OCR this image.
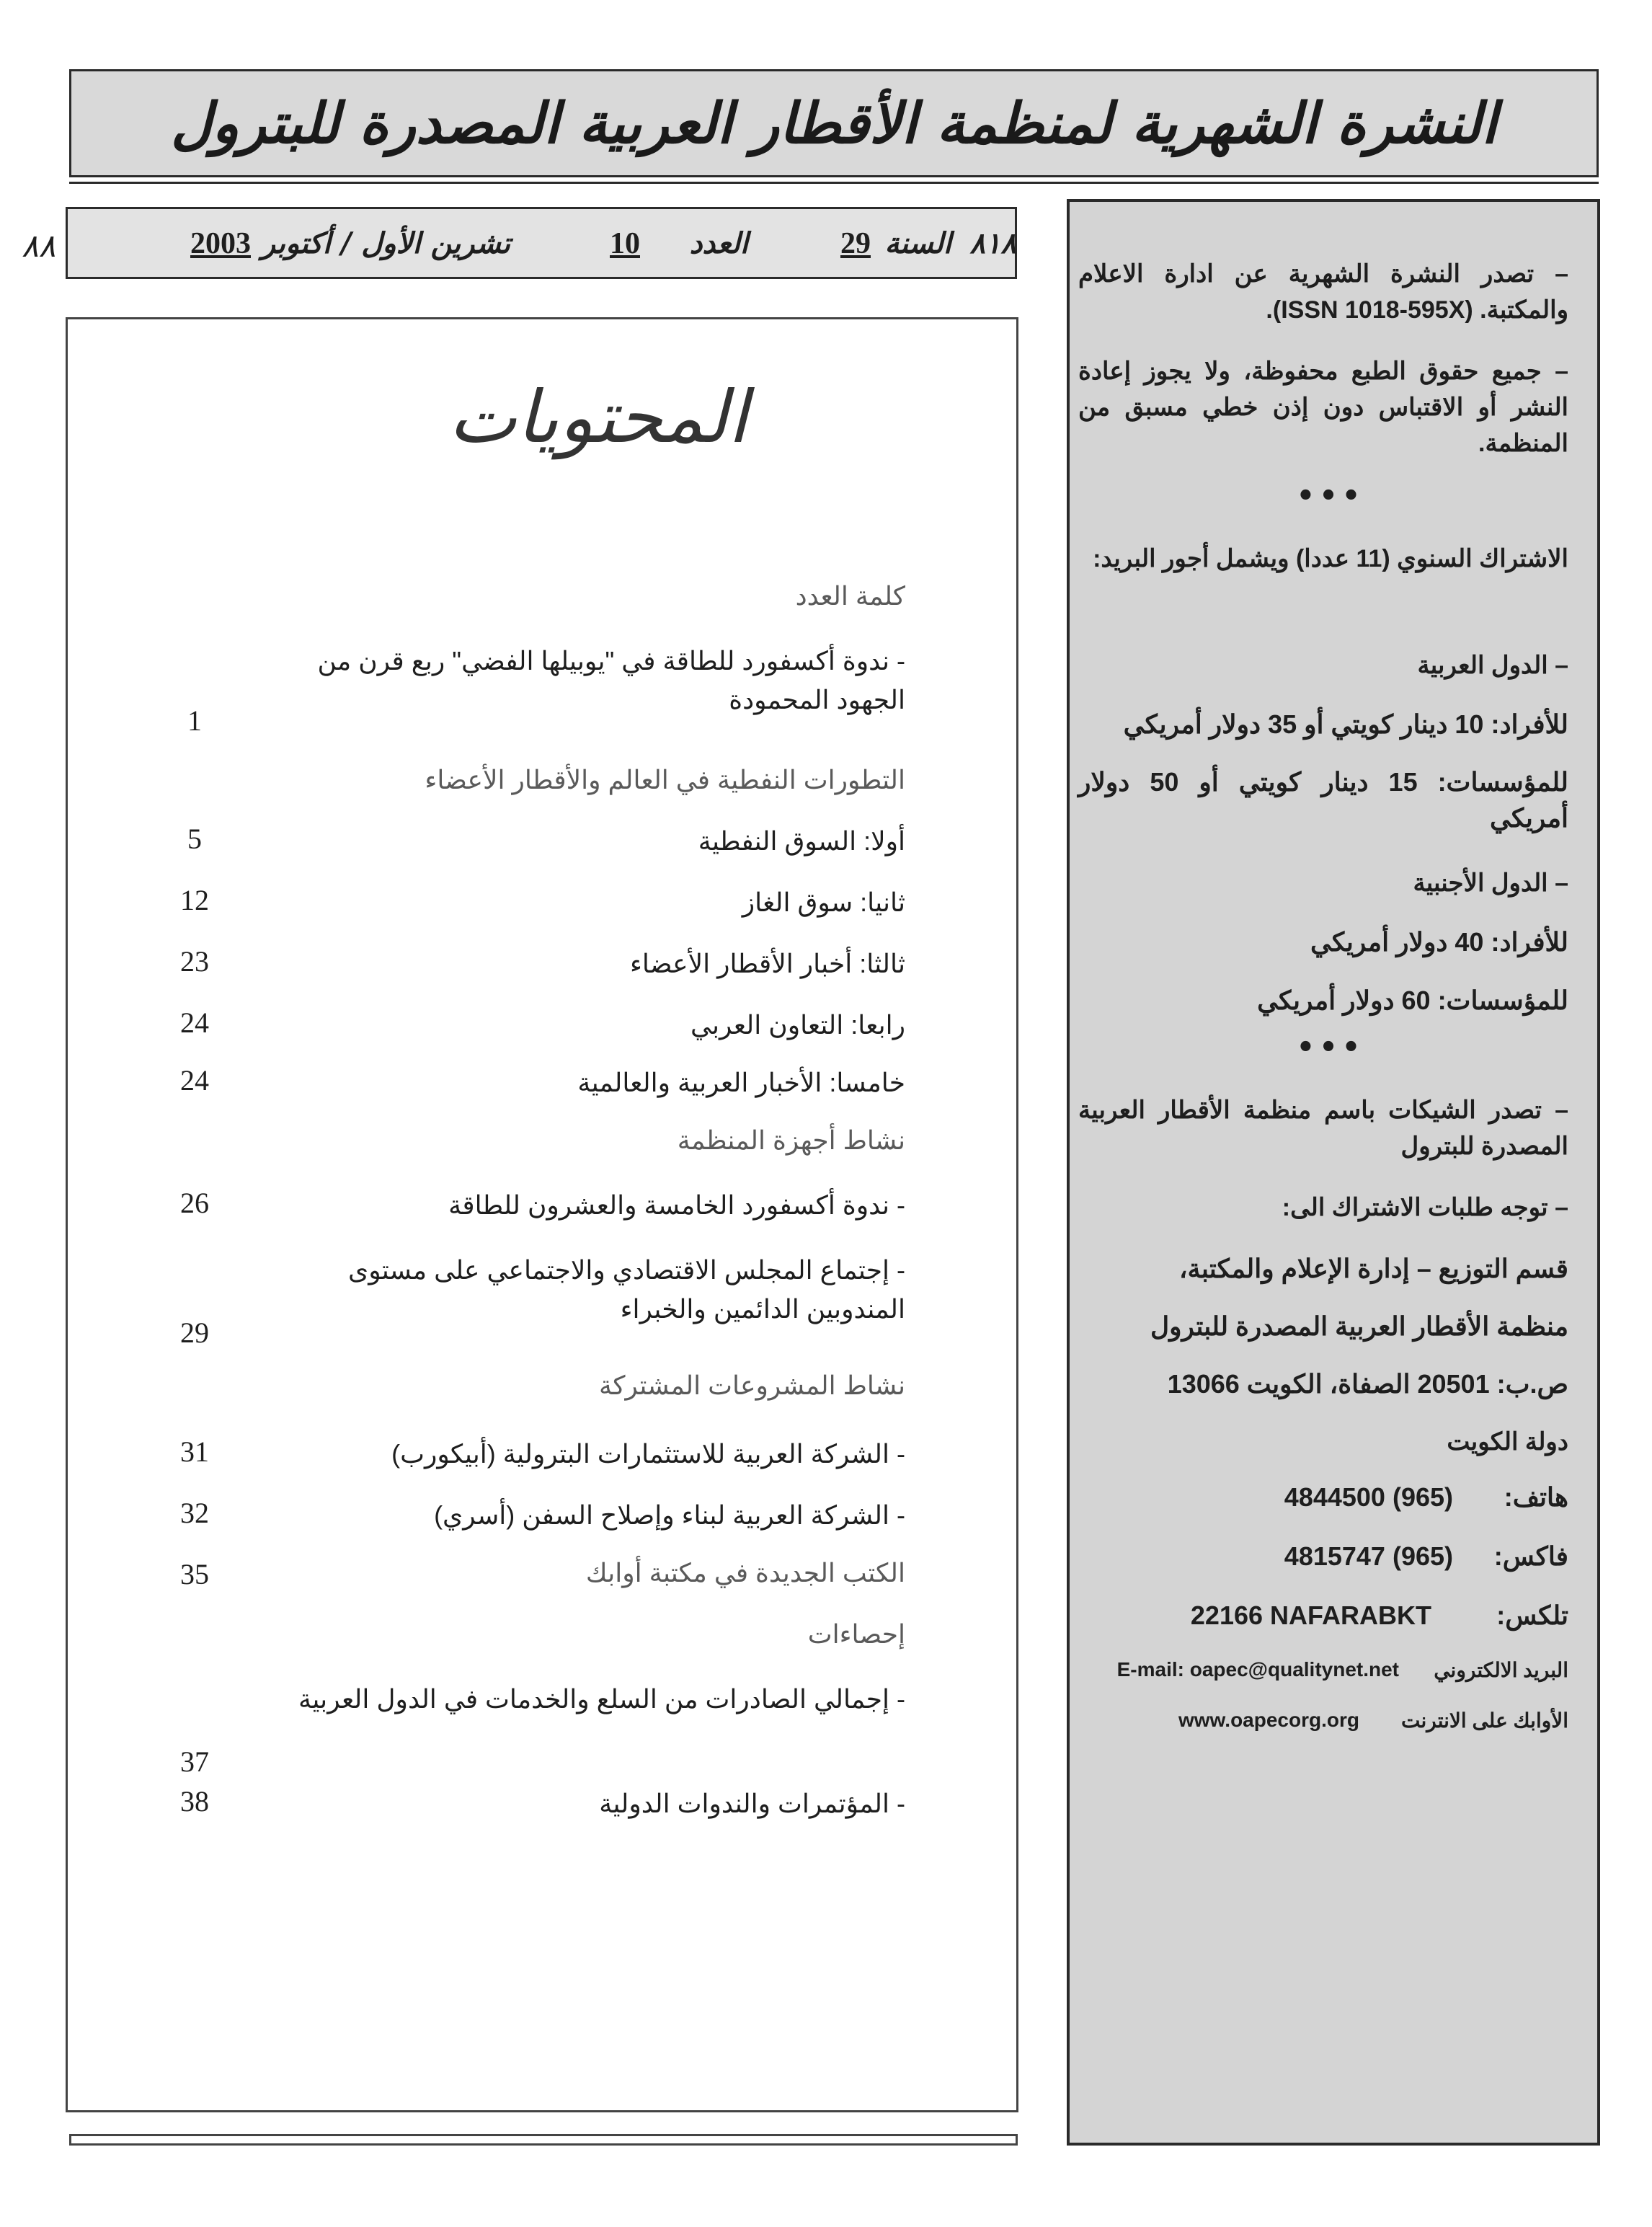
النشرة الشهرية لمنظمة الأقطار العربية المصدرة للبترول
٨٨	٨١٨
السنة
29
العدد
10
تشرين الأول / أكتوبر
2003
المحتويات
كلمة العدد
- ندوة أكسفورد للطاقة في "يوبيلها الفضي" ربع قرن من الجهود المحمودة
1
التطورات النفطية في العالم والأقطار الأعضاء
أولا: السوق النفطية
5
ثانيا: سوق الغاز
12
ثالثا: أخبار الأقطار الأعضاء
23
رابعا: التعاون العربي
24
خامسا: الأخبار العربية والعالمية
24
نشاط أجهزة المنظمة
- ندوة أكسفورد الخامسة والعشرون للطاقة
26
- إجتماع المجلس الاقتصادي والاجتماعي على مستوى المندوبين الدائمين والخبراء
29
نشاط المشروعات المشتركة
- الشركة العربية للاستثمارات البترولية (أبيكورب)
31
- الشركة العربية لبناء وإصلاح السفن (أسري)
32
الكتب الجديدة في مكتبة أوابك
35
إحصاءات
- إجمالي الصادرات من السلع والخدمات في الدول العربية
37
- المؤتمرات والندوات الدولية
38
– تصدر النشرة الشهرية عن ادارة الاعلام والمكتبة. (ISSN 1018-595X).
– جميع حقوق الطبع محفوظة، ولا يجوز إعادة النشر أو الاقتباس دون إذن خطي مسبق من المنظمة.
•••
الاشتراك السنوي (11 عددا) ويشمل أجور البريد:
– الدول العربية
للأفراد: 10 دينار كويتي أو 35 دولار أمريكي
للمؤسسات: 15 دينار كويتي أو 50 دولار أمريكي
– الدول الأجنبية
للأفراد: 40 دولار أمريكي
للمؤسسات: 60 دولار أمريكي
•••
– تصدر الشيكات باسم منظمة الأقطار العربية المصدرة للبترول
– توجه طلبات الاشتراك الى:
قسم التوزيع – إدارة الإعلام والمكتبة،
منظمة الأقطار العربية المصدرة للبترول
ص.ب: 20501 الصفاة، الكويت 13066
دولة الكويت
هاتف:
4844500 (965)
فاكس:
4815747 (965)
تلكس:
22166 NAFARABKT
البريد الالكتروني
E-mail: oapec@qualitynet.net
الأوابك على الانترنت
www.oapecorg.org
